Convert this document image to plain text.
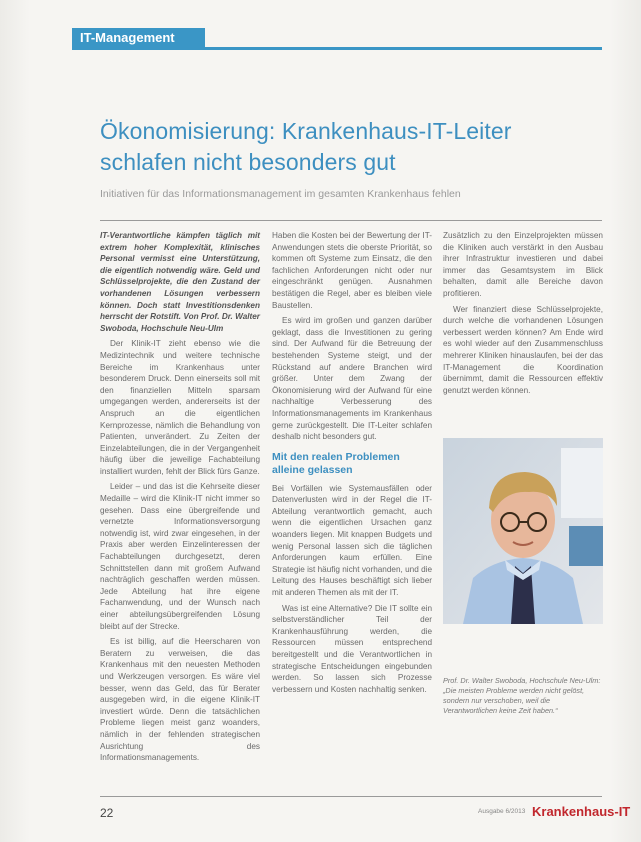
IT-Management
Ökonomisierung: Krankenhaus-IT-Leiter
schlafen nicht besonders gut
Initiativen für das Informationsmanagement im gesamten Krankenhaus fehlen

IT-Verantwortliche kämpfen täglich mit extrem hoher Komplexität, klinisches Personal vermisst eine Unterstützung, die eigentlich notwendig wäre. Geld und Schlüsselprojekte, die den Zustand der vorhandenen Lösungen verbessern können. Doch statt Investitionsdenken herrscht der Rotstift. Von Prof. Dr. Walter Swoboda, Hochschule Neu-Ulm

Der Klinik-IT zieht ebenso wie die Medizintechnik und weitere technische Bereiche im Krankenhaus unter besonderem Druck. Denn einerseits soll mit den finanziellen Mitteln sparsam umgegangen werden, andererseits ist der Anspruch an die eigentlichen Kernprozesse, nämlich die Behandlung von Patienten, unverändert. Zu Zeiten der Einzelabteilungen, die in der Vergangenheit häufig über die jeweilige Fachabteilung installiert wurden, fehlt der Blick fürs Ganze.

Leider – und das ist die Kehrseite dieser Medaille – wird die Klinik-IT nicht immer so gesehen. Dass eine übergreifende und vernetzte Informationsversorgung notwendig ist, wird zwar eingesehen, in der Praxis aber werden Einzelinteressen der Fachabteilungen durchgesetzt, deren Schnittstellen dann mit großem Aufwand nachträglich geschaffen werden müssen. Jede Abteilung hat ihre eigene Fachanwendung, und der Wunsch nach einer abteilungsübergreifenden Lösung bleibt auf der Strecke.

Es ist billig, auf die Heerscharen von Beratern zu verweisen, die das Krankenhaus mit den neuesten Methoden und Werkzeugen versorgen. Es wäre viel besser, wenn das Geld, das für Berater ausgegeben wird, in die eigene Klinik-IT investiert würde. Denn die tatsächlichen Probleme liegen meist ganz woanders, nämlich in der fehlenden strategischen Ausrichtung des Informationsmanagements.

Haben die Kosten bei der Bewertung der IT-Anwendungen stets die oberste Priorität, so kommen oft Systeme zum Einsatz, die den fachlichen Anforderungen nicht oder nur eingeschränkt genügen. Ausnahmen bestätigen die Regel, aber es bleiben viele Baustellen.

Es wird im großen und ganzen darüber geklagt, dass die Investitionen zu gering sind. Der Aufwand für die Betreuung der bestehenden Systeme steigt, und der Rückstand auf andere Branchen wird größer. Unter dem Zwang der Ökonomisierung wird der Aufwand für eine nachhaltige Verbesserung des Informationsmanagements im Krankenhaus gerne zurückgestellt. Die IT-Leiter schlafen deshalb nicht besonders gut.

Mit den realen Problemen alleine gelassen

Bei Vorfällen wie Systemausfällen oder Datenverlusten wird in der Regel die IT-Abteilung verantwortlich gemacht, auch wenn die eigentlichen Ursachen ganz woanders liegen. Mit knappen Budgets und wenig Personal lassen sich die täglichen Anforderungen kaum erfüllen. Eine Strategie ist häufig nicht vorhanden, und die Leitung des Hauses beschäftigt sich lieber mit anderen Themen als mit der IT.

Was ist eine Alternative? Die IT sollte ein selbstverständlicher Teil der Krankenhausführung werden, die Ressourcen müssen entsprechend bereitgestellt und die Verantwortlichen in strategische Entscheidungen eingebunden werden. So lassen sich Prozesse verbessern und Kosten nachhaltig senken.

Zusätzlich zu den Einzelprojekten müssen die Kliniken auch verstärkt in den Ausbau ihrer Infrastruktur investieren und dabei immer das Gesamtsystem im Blick behalten, damit alle Bereiche davon profitieren.

Wer finanziert diese Schlüsselprojekte, durch welche die vorhandenen Lösungen verbessert werden können? Am Ende wird es wohl wieder auf den Zusammenschluss mehrerer Kliniken hinauslaufen, bei der das IT-Management die Koordination übernimmt, damit die Ressourcen effektiv genutzt werden können.

Prof. Dr. Walter Swoboda, Hochschule Neu-Ulm: „Die meisten Probleme werden nicht gelöst, sondern nur verschoben, weil die Verantwortlichen keine Zeit haben.“
22	Ausgabe 6/2013 Krankenhaus-IT
